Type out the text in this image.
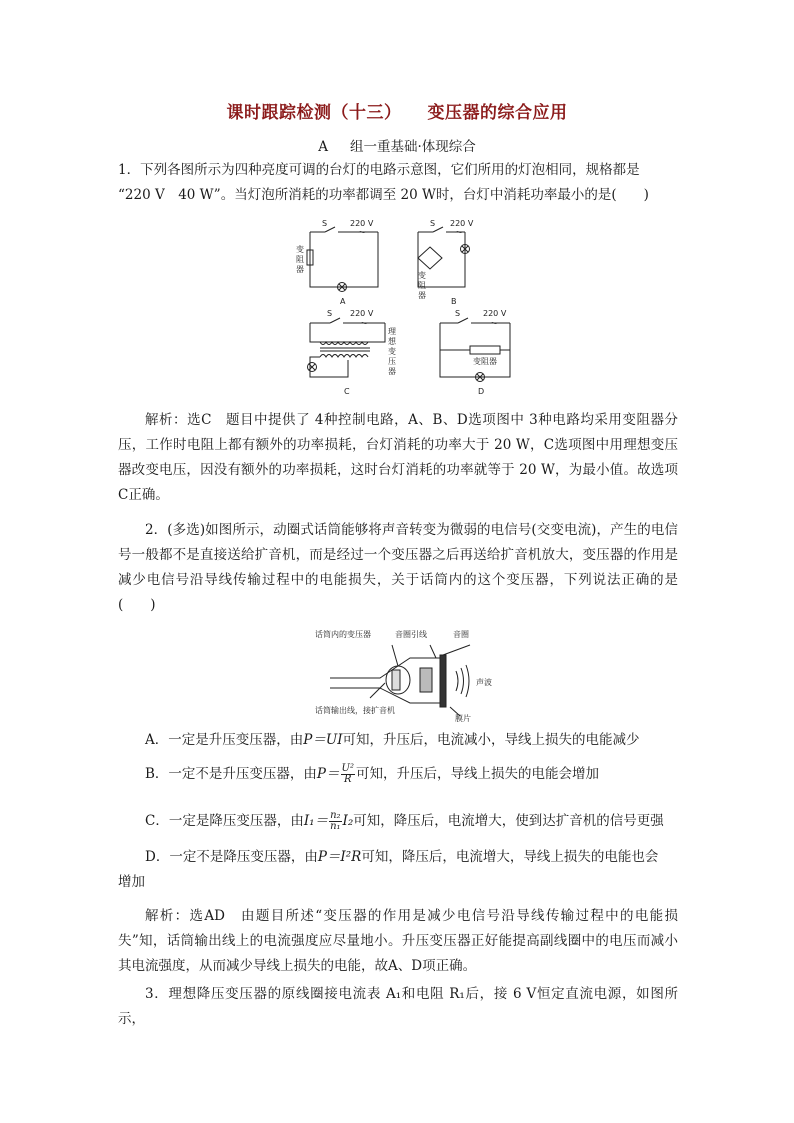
课时跟踪检测（十三） 变压器的综合应用
A 组一重基础·体现综合
1．下列各图所示为四种亮度可调的台灯的电路示意图，它们所用的灯泡相同，规格都是
“220 V　40 W”。当灯泡所消耗的功率都调至 20 W时，台灯中消耗功率最小的是(　　)
S	220 V
～
变
阻
器
A
S 220 V
～
变
阻
器
B
S 220 V
～
理
想
变
压
器
C
S	220 V
～
变阻器
D
解析：选C　题目中提供了 4种控制电路，A、B、D选项图中 3种电路均采用变阻器分压，工作时电阻上都有额外的功率损耗，台灯消耗的功率大于 20 W，C选项图中用理想变压器改变电压，因没有额外的功率损耗，这时台灯消耗的功率就等于 20 W，为最小值。故选项C正确。
2．(多选)如图所示，动圈式话筒能够将声音转变为微弱的电信号(交变电流)，产生的电信号一般都不是直接送给扩音机，而是经过一个变压器之后再送给扩音机放大，变压器的作用是减少电信号沿导线传输过程中的电能损失，关于话筒内的这个变压器，下列说法正确的是(　　)
话筒内的变压器	音圈引线	音圈
声波
话筒输出线，接扩音机
膜片
A．一定是升压变压器，由P＝UI可知，升压后，电流减小，导线上损失的电能减少
B．一定不是升压变压器，由$P= \frac{\text{U²}}{R}$ 可知，升压后，导线上损失的电能会增加
C．一定是降压变压器，由$I_1= \frac{\text{n₂}}{\text{n₁}} I_2$可知，降压后，电流增大，使到达扩音机的信号更强
D．一定不是降压变压器，由P＝I²R可知，降压后，电流增大，导线上损失的电能也会
增加
解析：选AD　由题目所述“变压器的作用是减少电信号沿导线传输过程中的电能损失”知，话筒输出线上的电流强度应尽量地小。升压变压器正好能提高副线圈中的电压而减小其电流强度，从而减少导线上损失的电能，故A、D项正确。
3．理想降压变压器的原线圈接电流表 A₁和电阻 R₁后，接 6 V恒定直流电源，如图所示，
